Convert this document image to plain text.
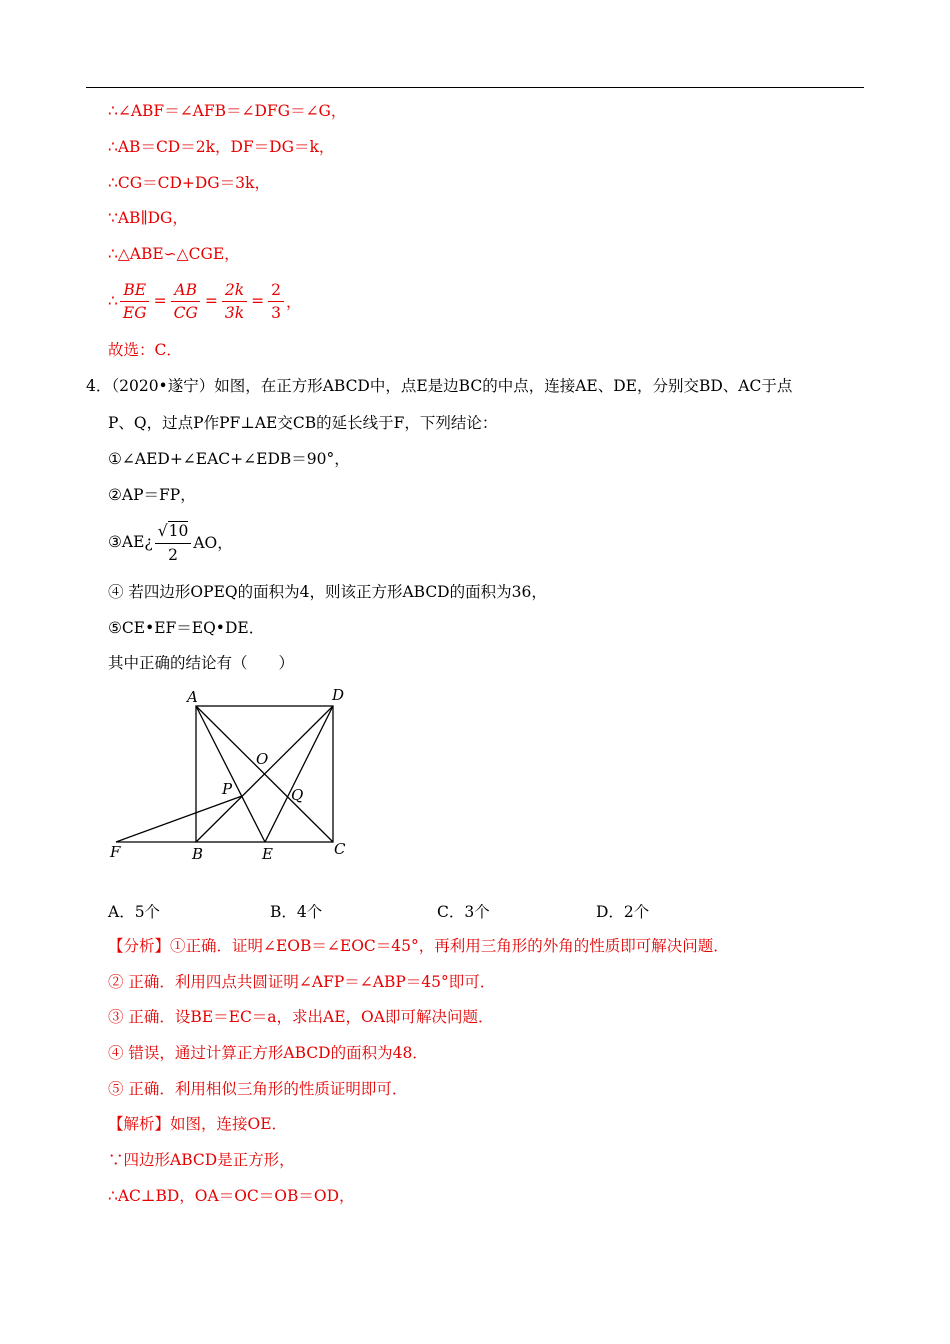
∴∠ABF＝∠AFB＝∠DFG＝∠G，
∴AB＝CD＝2k，DF＝DG＝k，
∴CG＝CD+DG＝3k，
∵AB∥DG，
∴△ABE∽△CGE，
∴ $\frac{BE}{EG} = \frac{AB}{CG} = \frac{2k}{3k} = \frac{2}{3}$ ，
故选：C．
4．（2020•遂宁）如图，在正方形ABCD中，点E是边BC的中点，连接AE、DE，分别交BD、AC于点
P、Q，过点P作PF⊥AE交CB的延长线于F，下列结论：
①∠AED+∠EAC+∠EDB＝90°，
②AP＝FP，
③AE ¿ $\frac{√10}{2}$ AO，
④ 若四边形OPEQ的面积为4，则该正方形ABCD的面积为36，
⑤CE•EF＝EQ•DE．
其中正确的结论有（　　）
A	D
O
P	Q
F	B	E	C
A．5个	B．4个	C．3个	D．2个
【分析】①正确．证明∠EOB＝∠EOC＝45°，再利用三角形的外角的性质即可解决问题．
② 正确．利用四点共圆证明∠AFP＝∠ABP＝45°即可．
③ 正确．设BE＝EC＝a，求出AE，OA即可解决问题．
④ 错误，通过计算正方形ABCD的面积为48．
⑤ 正确．利用相似三角形的性质证明即可．
【解析】如图，连接OE．
∵四边形ABCD是正方形，
∴AC⊥BD，OA＝OC＝OB＝OD，
